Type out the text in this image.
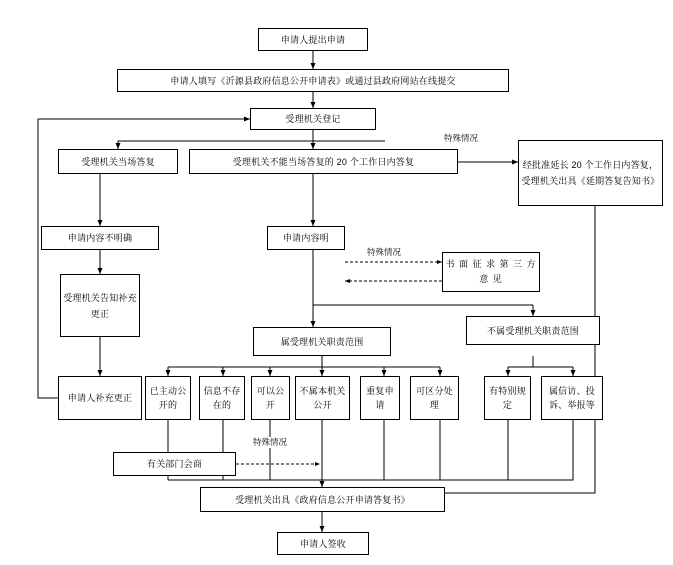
申请人提出申请
申请人填写《沂源县政府信息公开申请表》或通过县政府网站在线提交
受理机关登记
受理机关当场答复	受理机关不能当场答复的 20 个工作日内答复	经批准延长 20 个工作日内答复，受理机关出具《延期答复告知书》
申请内容不明确	申请内容明
书 面 征 求 第 三 方 意 见
受理机关告知补充更正
申请人补充更正
属受理机关职责范围
不属受理机关职责范围
已主动公开的
信息不存在的
可以公开
不属本机关公开
重复申请
可区分处理
有特别规定
属信访、投诉、举报等
有关部门会商
受理机关出具《政府信息公开申请答复书》
申请人签收
特殊情况
特殊情况
特殊情况
